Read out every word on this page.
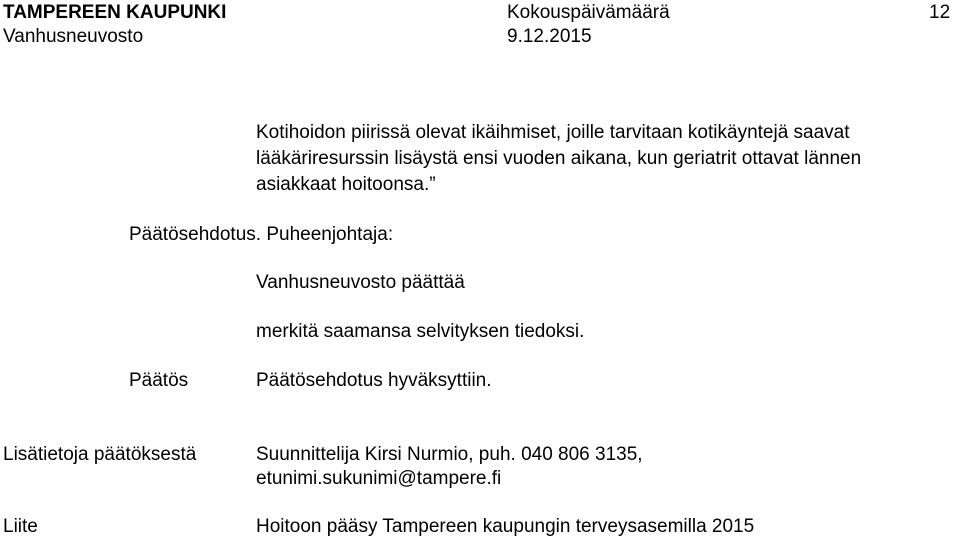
TAMPEREEN KAUPUNKI
Vanhusneuvosto
Kokouspäivämäärä
9.12.2015
12
Kotihoidon piirissä olevat ikäihmiset, joille tarvitaan kotikäyntejä saavat
lääkäriresurssin lisäystä ensi vuoden aikana, kun geriatrit ottavat lännen
asiakkaat hoitoonsa.”
Päätösehdotus. Puheenjohtaja:
Vanhusneuvosto päättää
merkitä saamansa selvityksen tiedoksi.
Päätös	Päätösehdotus hyväksyttiin.
Lisätietoja päätöksestä	Suunnittelija Kirsi Nurmio, puh. 040 806 3135,
etunimi.sukunimi@tampere.fi
Liite	Hoitoon pääsy Tampereen kaupungin terveysasemilla 2015
